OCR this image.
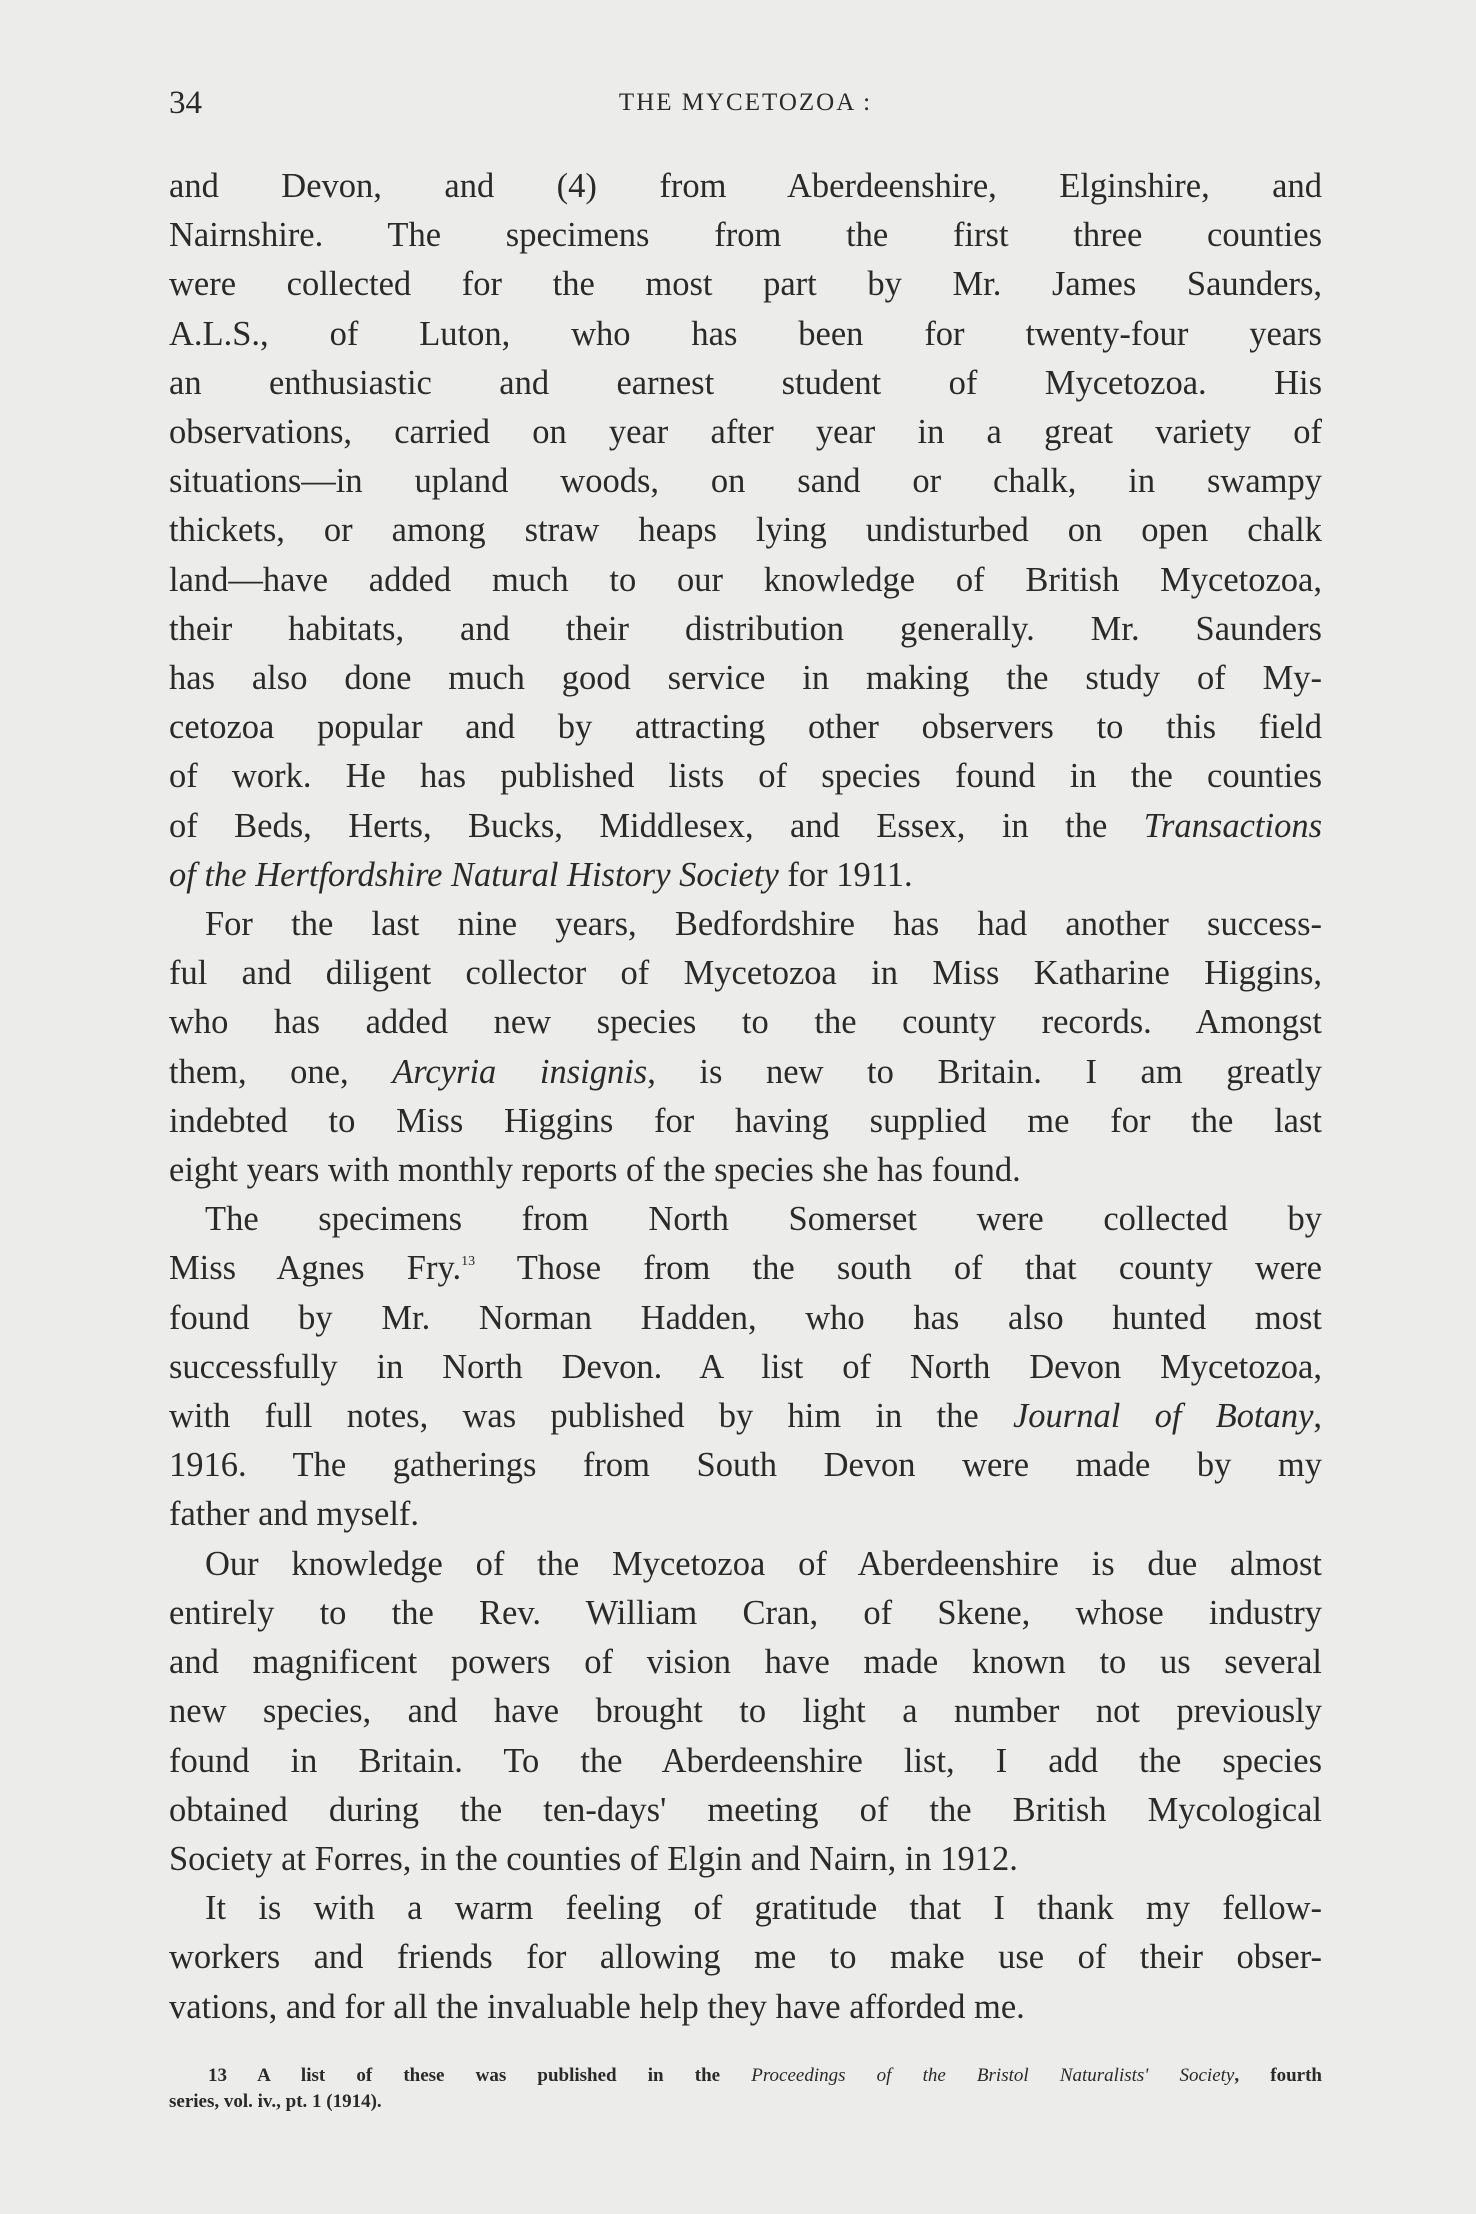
34	THE MYCETOZOA :

and Devon, and (4) from Aberdeenshire, Elginshire, and
Nairnshire. The specimens from the first three counties
were collected for the most part by Mr. James Saunders,
A.L.S., of Luton, who has been for twenty-four years
an enthusiastic and earnest student of Mycetozoa. His
observations, carried on year after year in a great variety of
situations—in upland woods, on sand or chalk, in swampy
thickets, or among straw heaps lying undisturbed on open chalk
land—have added much to our knowledge of British Mycetozoa,
their habitats, and their distribution generally. Mr. Saunders
has also done much good service in making the study of My-
cetozoa popular and by attracting other observers to this field
of work. He has published lists of species found in the counties
of Beds, Herts, Bucks, Middlesex, and Essex, in the Transactions
of the Hertfordshire Natural History Society for 1911.

For the last nine years, Bedfordshire has had another success-
ful and diligent collector of Mycetozoa in Miss Katharine Higgins,
who has added new species to the county records. Amongst
them, one, Arcyria insignis, is new to Britain. I am greatly
indebted to Miss Higgins for having supplied me for the last
eight years with monthly reports of the species she has found.

The specimens from North Somerset were collected by
Miss Agnes Fry.$^{13}$ Those from the south of that county were
found by Mr. Norman Hadden, who has also hunted most
successfully in North Devon. A list of North Devon Mycetozoa,
with full notes, was published by him in the Journal of Botany,
1916. The gatherings from South Devon were made by my
father and myself.

Our knowledge of the Mycetozoa of Aberdeenshire is due almost
entirely to the Rev. William Cran, of Skene, whose industry
and magnificent powers of vision have made known to us several
new species, and have brought to light a number not previously
found in Britain. To the Aberdeenshire list, I add the species
obtained during the ten-days' meeting of the British Mycological
Society at Forres, in the counties of Elgin and Nairn, in 1912.

It is with a warm feeling of gratitude that I thank my fellow-
workers and friends for allowing me to make use of their obser-
vations, and for all the invaluable help they have afforded me.

13 A list of these was published in the Proceedings of the Bristol Naturalists' Society, fourth
series, vol. iv., pt. 1 (1914).
